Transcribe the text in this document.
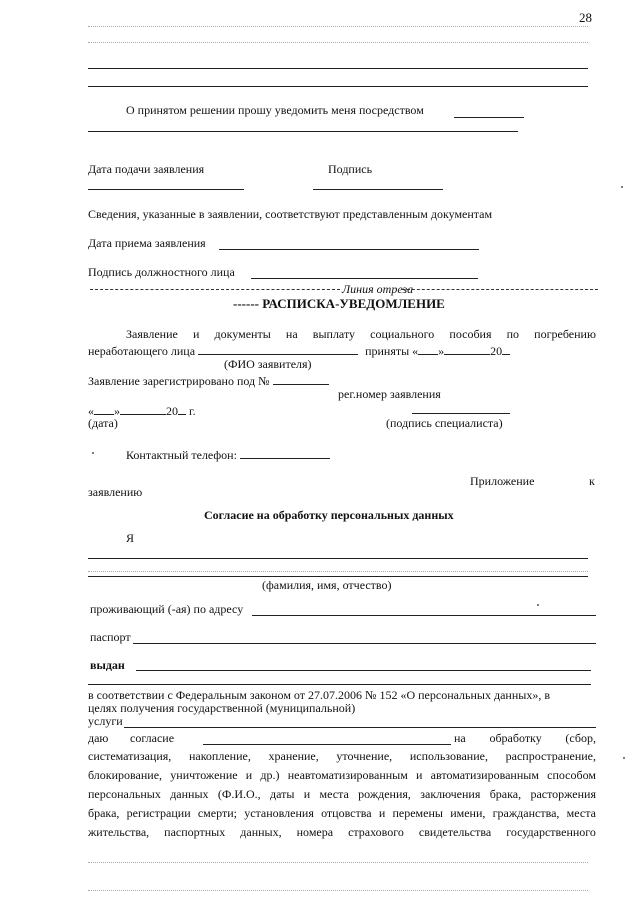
28
О принятом решении прошу уведомить меня посредством
Дата подачи заявления	Подпись
Сведения, указанные в заявлении, соответствуют представленным документам
Дата приема заявления
Подпись должностного лица
Линия отреза
------ РАСПИСКА-УВЕДОМЛЕНИЕ
Заявление и документы на выплату социального пособия по погребению
неработающего лица	приняты « »	20
(ФИО заявителя)
Заявление зарегистрировано под №
рег.номер заявления
« »	20 г.
(дата)	(подпись специалиста)
Контактный телефон:
Приложение	к
заявлению
Согласие на обработку персональных данных
Я
(фамилия, имя, отчество)
проживающий (-ая) по адресу
паспорт
выдан
в соответствии с Федеральным законом от 27.07.2006 № 152 «О персональных данных», в
целях получения государственной (муниципальной)
услуги
даю согласие	на обработку (сбор,
систематизация, накопление, хранение, уточнение, использование, распространение,
блокирование, уничтожение и др.) неавтоматизированным и автоматизированным способом
персональных данных (Ф.И.О., даты и места рождения, заключения брака, расторжения
брака, регистрации смерти; установления отцовства и перемены имени, гражданства, места
жительства, паспортных данных, номера страхового свидетельства государственного
